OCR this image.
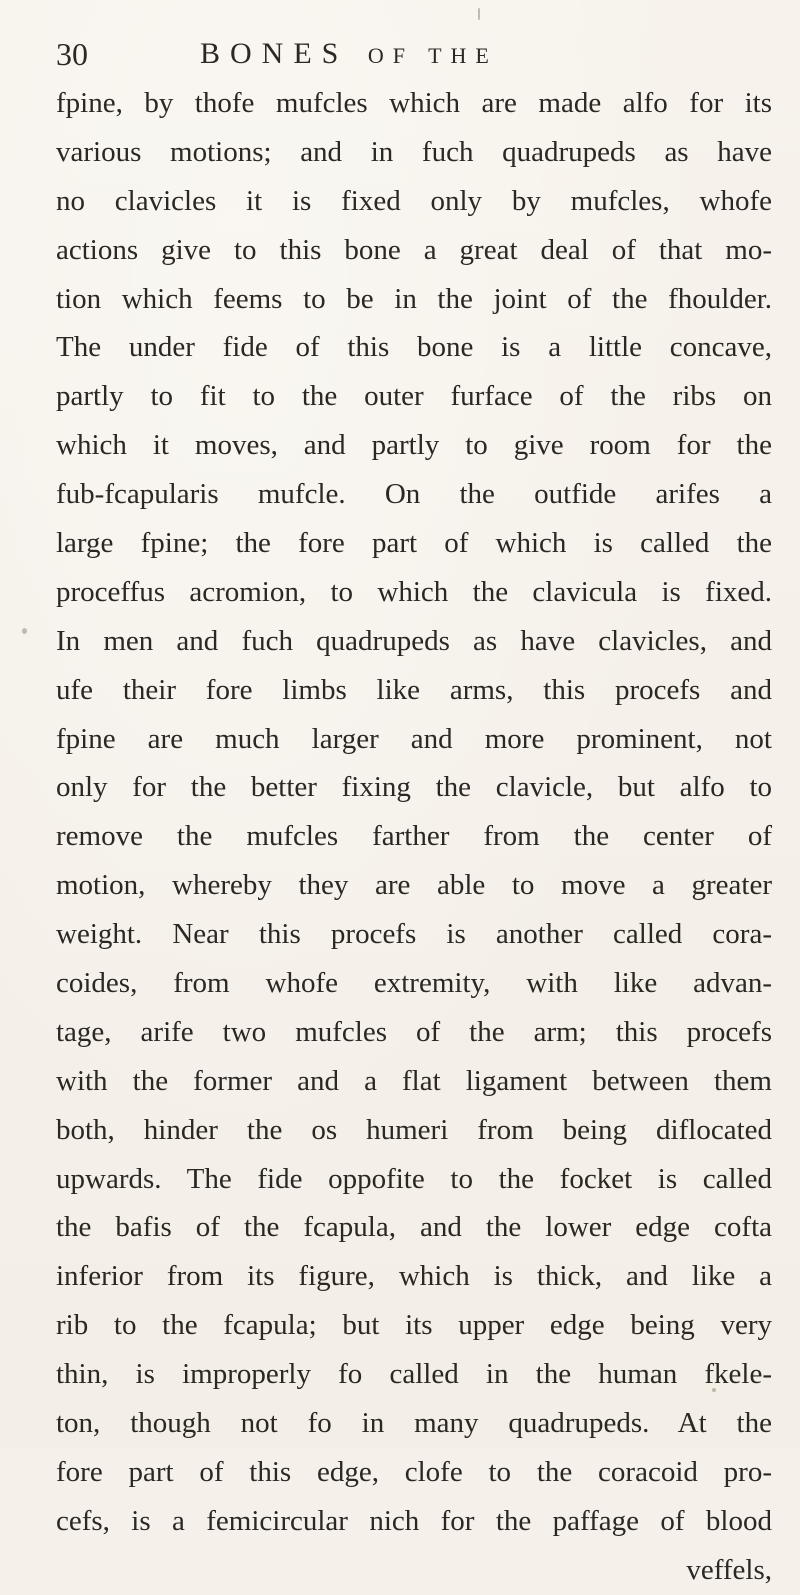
30	BONES OF THE
fpine, by thofe mufcles which are made alfo for its
various motions; and in fuch quadrupeds as have
no clavicles it is fixed only by mufcles, whofe
actions give to this bone a great deal of that mo-
tion which feems to be in the joint of the fhoulder.
The under fide of this bone is a little concave,
partly to fit to the outer furface of the ribs on
which it moves, and partly to give room for the
fub-fcapularis mufcle. On the outfide arifes a
large fpine; the fore part of which is called the
proceffus acromion, to which the clavicula is fixed.
In men and fuch quadrupeds as have clavicles, and
ufe their fore limbs like arms, this procefs and
fpine are much larger and more prominent, not
only for the better fixing the clavicle, but alfo to
remove the mufcles farther from the center of
motion, whereby they are able to move a greater
weight. Near this procefs is another called cora-
coides, from whofe extremity, with like advan-
tage, arife two mufcles of the arm; this procefs
with the former and a flat ligament between them
both, hinder the os humeri from being diflocated
upwards. The fide oppofite to the focket is called
the bafis of the fcapula, and the lower edge cofta
inferior from its figure, which is thick, and like a
rib to the fcapula; but its upper edge being very
thin, is improperly fo called in the human fkele-
ton, though not fo in many quadrupeds. At the
fore part of this edge, clofe to the coracoid pro-
cefs, is a femicircular nich for the paffage of blood
veffels,
